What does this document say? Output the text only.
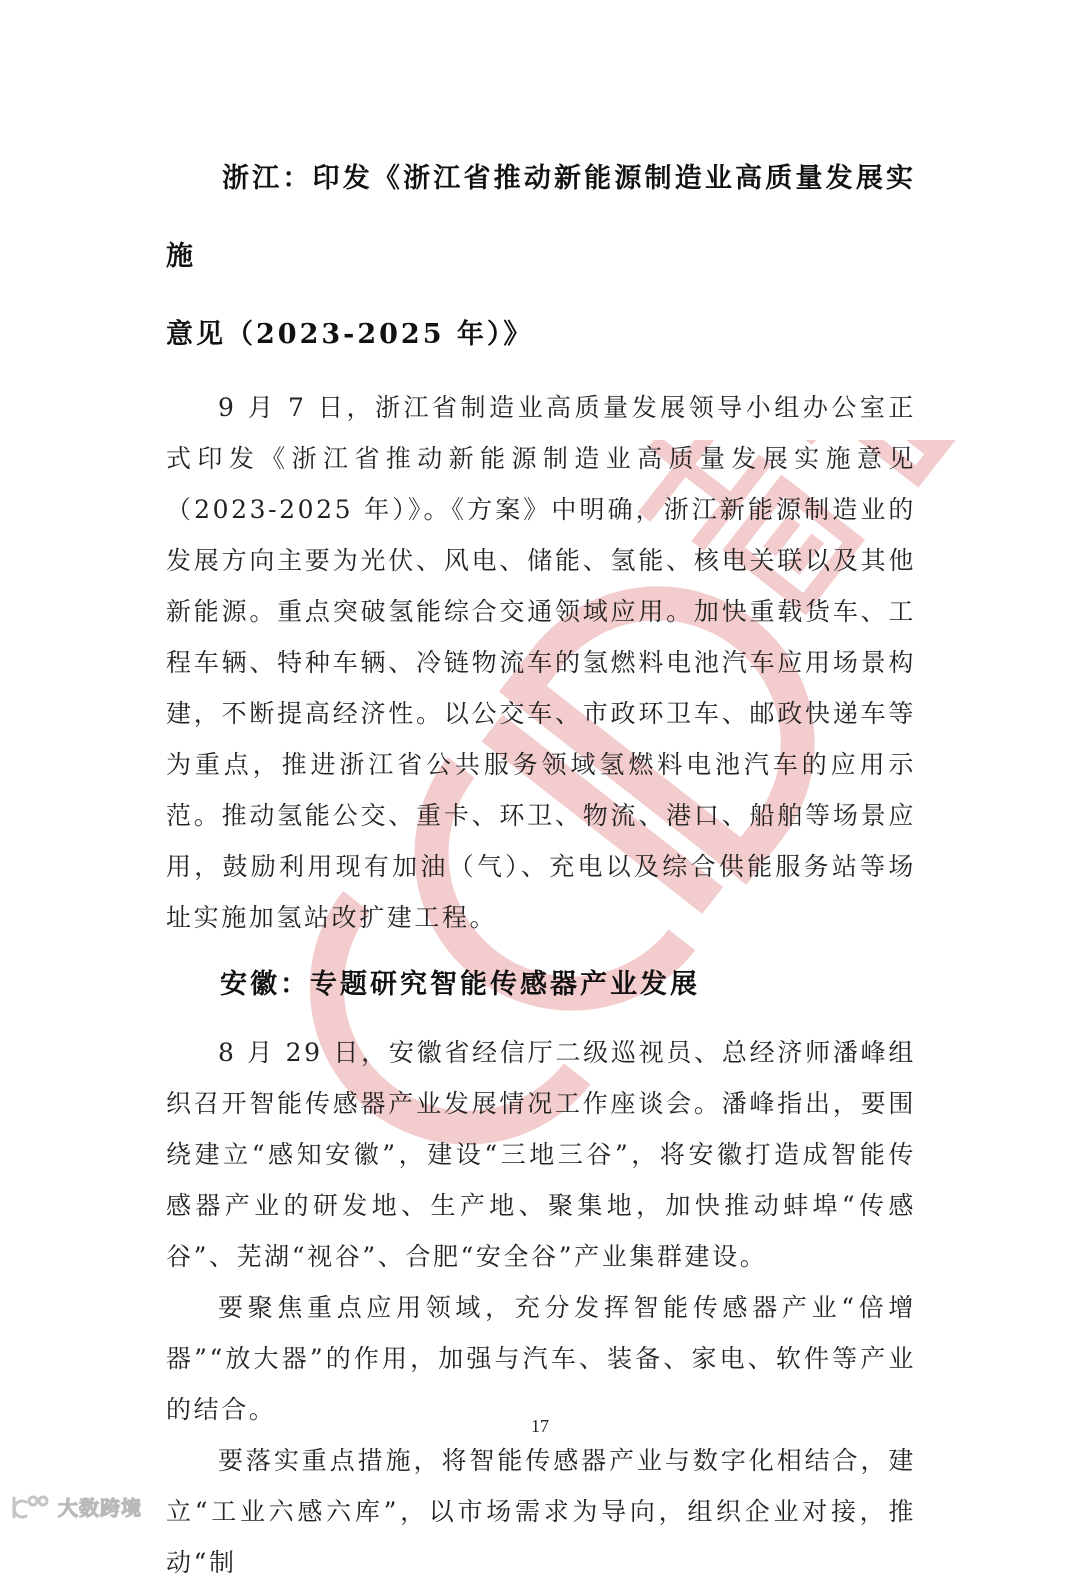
浙江：印发《浙江省推动新能源制造业高质量发展实施
意见（2023-2025 年）》

9 月 7 日，浙江省制造业高质量发展领导小组办公室正式印发《浙江省推动新能源制造业高质量发展实施意见（2023-2025 年）》。《方案》中明确，浙江新能源制造业的发展方向主要为光伏、风电、储能、氢能、核电关联以及其他新能源。重点突破氢能综合交通领域应用。加快重载货车、工程车辆、特种车辆、冷链物流车的氢燃料电池汽车应用场景构建，不断提高经济性。以公交车、市政环卫车、邮政快递车等为重点，推进浙江省公共服务领域氢燃料电池汽车的应用示范。推动氢能公交、重卡、环卫、物流、港口、船舶等场景应用，鼓励利用现有加油（气）、充电以及综合供能服务站等场址实施加氢站改扩建工程。

安徽：专题研究智能传感器产业发展

8 月 29 日，安徽省经信厅二级巡视员、总经济师潘峰组织召开智能传感器产业发展情况工作座谈会。潘峰指出，要围绕建立“感知安徽”，建设“三地三谷”，将安徽打造成智能传感器产业的研发地、生产地、聚集地，加快推动蚌埠“传感谷”、芜湖“视谷”、合肥“安全谷”产业集群建设。

要聚焦重点应用领域，充分发挥智能传感器产业“倍增器”“放大器”的作用，加强与汽车、装备、家电、软件等产业的结合。

要落实重点措施，将智能传感器产业与数字化相结合，建立“工业六感六库”，以市场需求为导向，组织企业对接，推动“制

17
大数跨境
